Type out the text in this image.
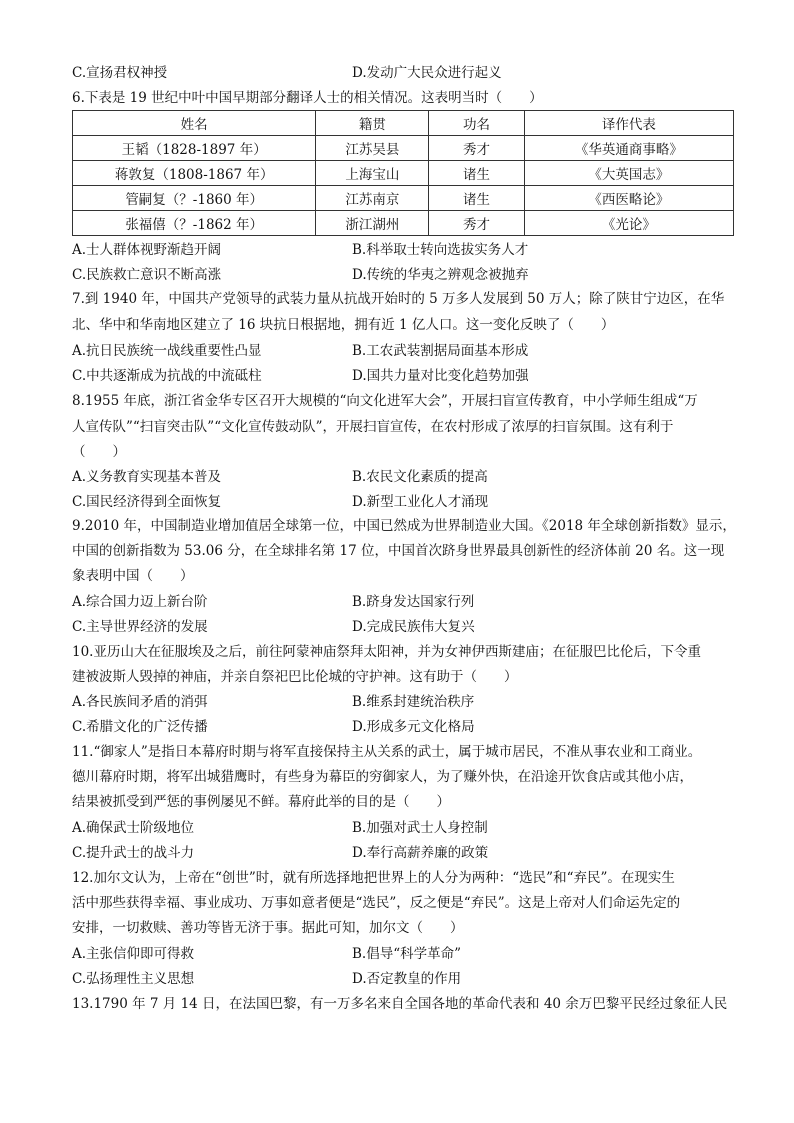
C.宣扬君权神授	D.发动广大民众进行起义
6.下表是 19 世纪中叶中国早期部分翻译人士的相关情况。这表明当时（　　）
姓名	籍贯	功名	译作代表
王韬（1828-1897 年）	江苏吴县	秀才	《华英通商事略》
蒋敦复（1808-1867 年）	上海宝山	诸生	《大英国志》
管嗣复（？-1860 年）	江苏南京	诸生	《西医略论》
张福僖（？-1862 年）	浙江湖州	秀才	《光论》
A.士人群体视野渐趋开阔	B.科举取士转向选拔实务人才
C.民族救亡意识不断高涨	D.传统的华夷之辨观念被抛弃
7.到 1940 年，中国共产党领导的武装力量从抗战开始时的 5 万多人发展到 50 万人；除了陕甘宁边区，在华
北、华中和华南地区建立了 16 块抗日根据地，拥有近 1 亿人口。这一变化反映了（　　）
A.抗日民族统一战线重要性凸显	B.工农武装割据局面基本形成
C.中共逐渐成为抗战的中流砥柱	D.国共力量对比变化趋势加强
8.1955 年底，浙江省金华专区召开大规模的“向文化进军大会”，开展扫盲宣传教育，中小学师生组成“万
人宣传队”“扫盲突击队”“文化宣传鼓动队”，开展扫盲宣传，在农村形成了浓厚的扫盲氛围。这有利于
（　　）
A.义务教育实现基本普及	B.农民文化素质的提高
C.国民经济得到全面恢复	D.新型工业化人才涌现
9.2010 年，中国制造业增加值居全球第一位，中国已然成为世界制造业大国。《2018 年全球创新指数》显示，
中国的创新指数为 53.06 分，在全球排名第 17 位，中国首次跻身世界最具创新性的经济体前 20 名。这一现
象表明中国（　　）
A.综合国力迈上新台阶	B.跻身发达国家行列
C.主导世界经济的发展	D.完成民族伟大复兴
10.亚历山大在征服埃及之后，前往阿蒙神庙祭拜太阳神，并为女神伊西斯建庙；在征服巴比伦后，下令重
建被波斯人毁掉的神庙，并亲自祭祀巴比伦城的守护神。这有助于（　　）
A.各民族间矛盾的消弭	B.维系封建统治秩序
C.希腊文化的广泛传播	D.形成多元文化格局
11.“御家人”是指日本幕府时期与将军直接保持主从关系的武士，属于城市居民，不准从事农业和工商业。
德川幕府时期，将军出城猎鹰时，有些身为幕臣的穷御家人，为了赚外快，在沿途开饮食店或其他小店，
结果被抓受到严惩的事例屡见不鲜。幕府此举的目的是（　　）
A.确保武士阶级地位	B.加强对武士人身控制
C.提升武士的战斗力	D.奉行高薪养廉的政策
12.加尔文认为，上帝在“创世”时，就有所选择地把世界上的人分为两种：“选民”和“弃民”。在现实生
活中那些获得幸福、事业成功、万事如意者便是“选民”，反之便是“弃民”。这是上帝对人们命运先定的
安排，一切救赎、善功等皆无济于事。据此可知，加尔文（　　）
A.主张信仰即可得救	B.倡导“科学革命”
C.弘扬理性主义思想	D.否定教皇的作用
13.1790 年 7 月 14 日，在法国巴黎，有一万多名来自全国各地的革命代表和 40 余万巴黎平民经过象征人民
